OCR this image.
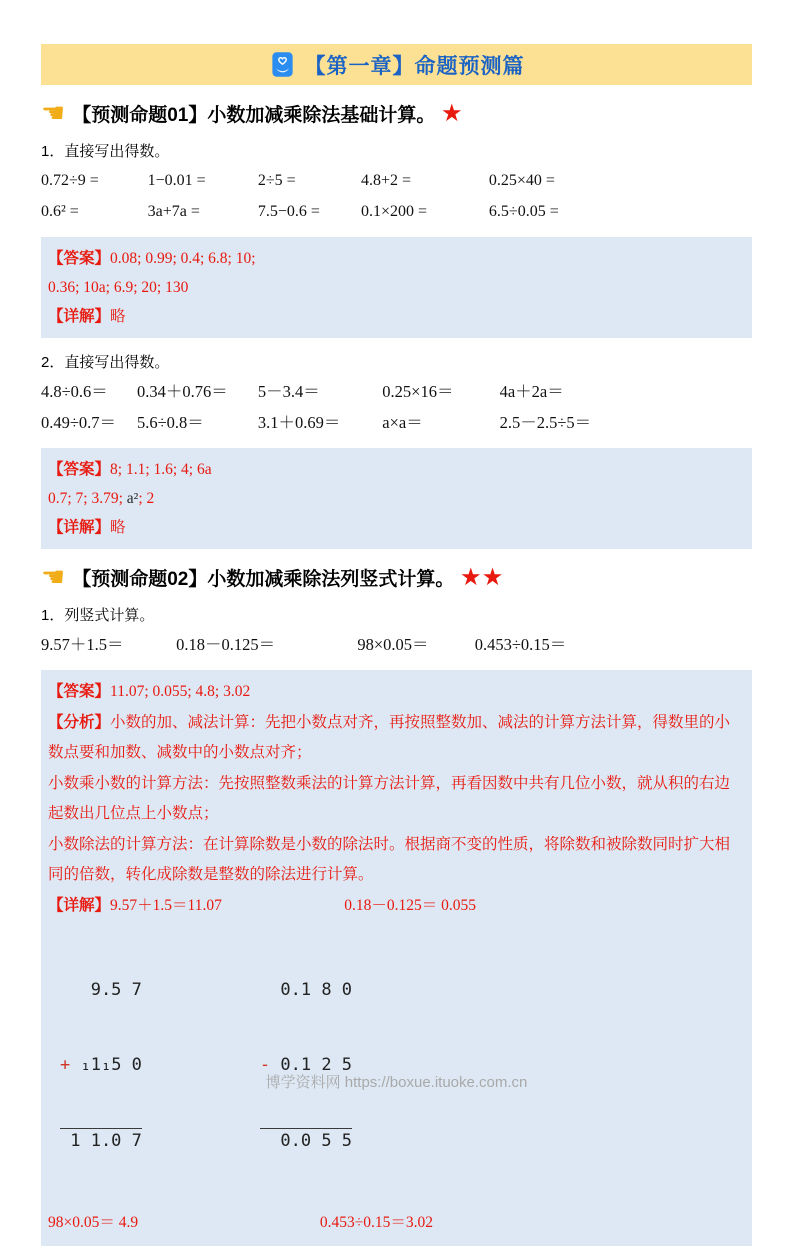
【第一章】命题预测篇
☚ 【预测命题01】小数加减乘除法基础计算。 ★
1．直接写出得数。
0.72÷9 =	1−0.01 =	2÷5 =	4.8+2 =	0.25×40 =
0.6² =	3a+7a =	7.5−0.6 =	0.1×200 =	6.5÷0.05 =

【答案】0.08; 0.99; 0.4; 6.8; 10;

0.36; 10a; 6.9; 20; 130

【详解】略

2．直接写出得数。
4.8÷0.6＝	0.34＋0.76＝	5－3.4＝	0.25×16＝	4a＋2a＝
0.49÷0.7＝	5.6÷0.8＝	3.1＋0.69＝	a×a＝	2.5－2.5÷5＝

【答案】8; 1.1; 1.6; 4; 6a

0.7; 7; 3.79; a²; 2

【详解】略

☚ 【预测命题02】小数加减乘除法列竖式计算。 ★★
1．列竖式计算。
9.57＋1.5＝	0.18－0.125＝	98×0.05＝	0.453÷0.15＝

【答案】11.07; 0.055; 4.8; 3.02

【分析】小数的加、减法计算：先把小数点对齐，再按照整数加、减法的计算方法计算，得数里的小数点要和加数、减数中的小数点对齐；

小数乘小数的计算方法：先按照整数乘法的计算方法计算，再看因数中共有几位小数，就从积的右边起数出几位点上小数点；

小数除法的计算方法：在计算除数是小数的除法时。根据商不变的性质，将除数和被除数同时扩大相同的倍数，转化成除数是整数的除法进行计算。

【详解】9.57＋1.5＝11.07	0.18－0.125＝ 0.055

9.5 7

+ ₁1₁5 0

1 1.0 7

0.1 8 0

- 0.1 2 5

0.0 5 5

98×0.05＝ 4.9	0.453÷0.15＝3.02

博学资料网 https://boxue.ituoke.com.cn
